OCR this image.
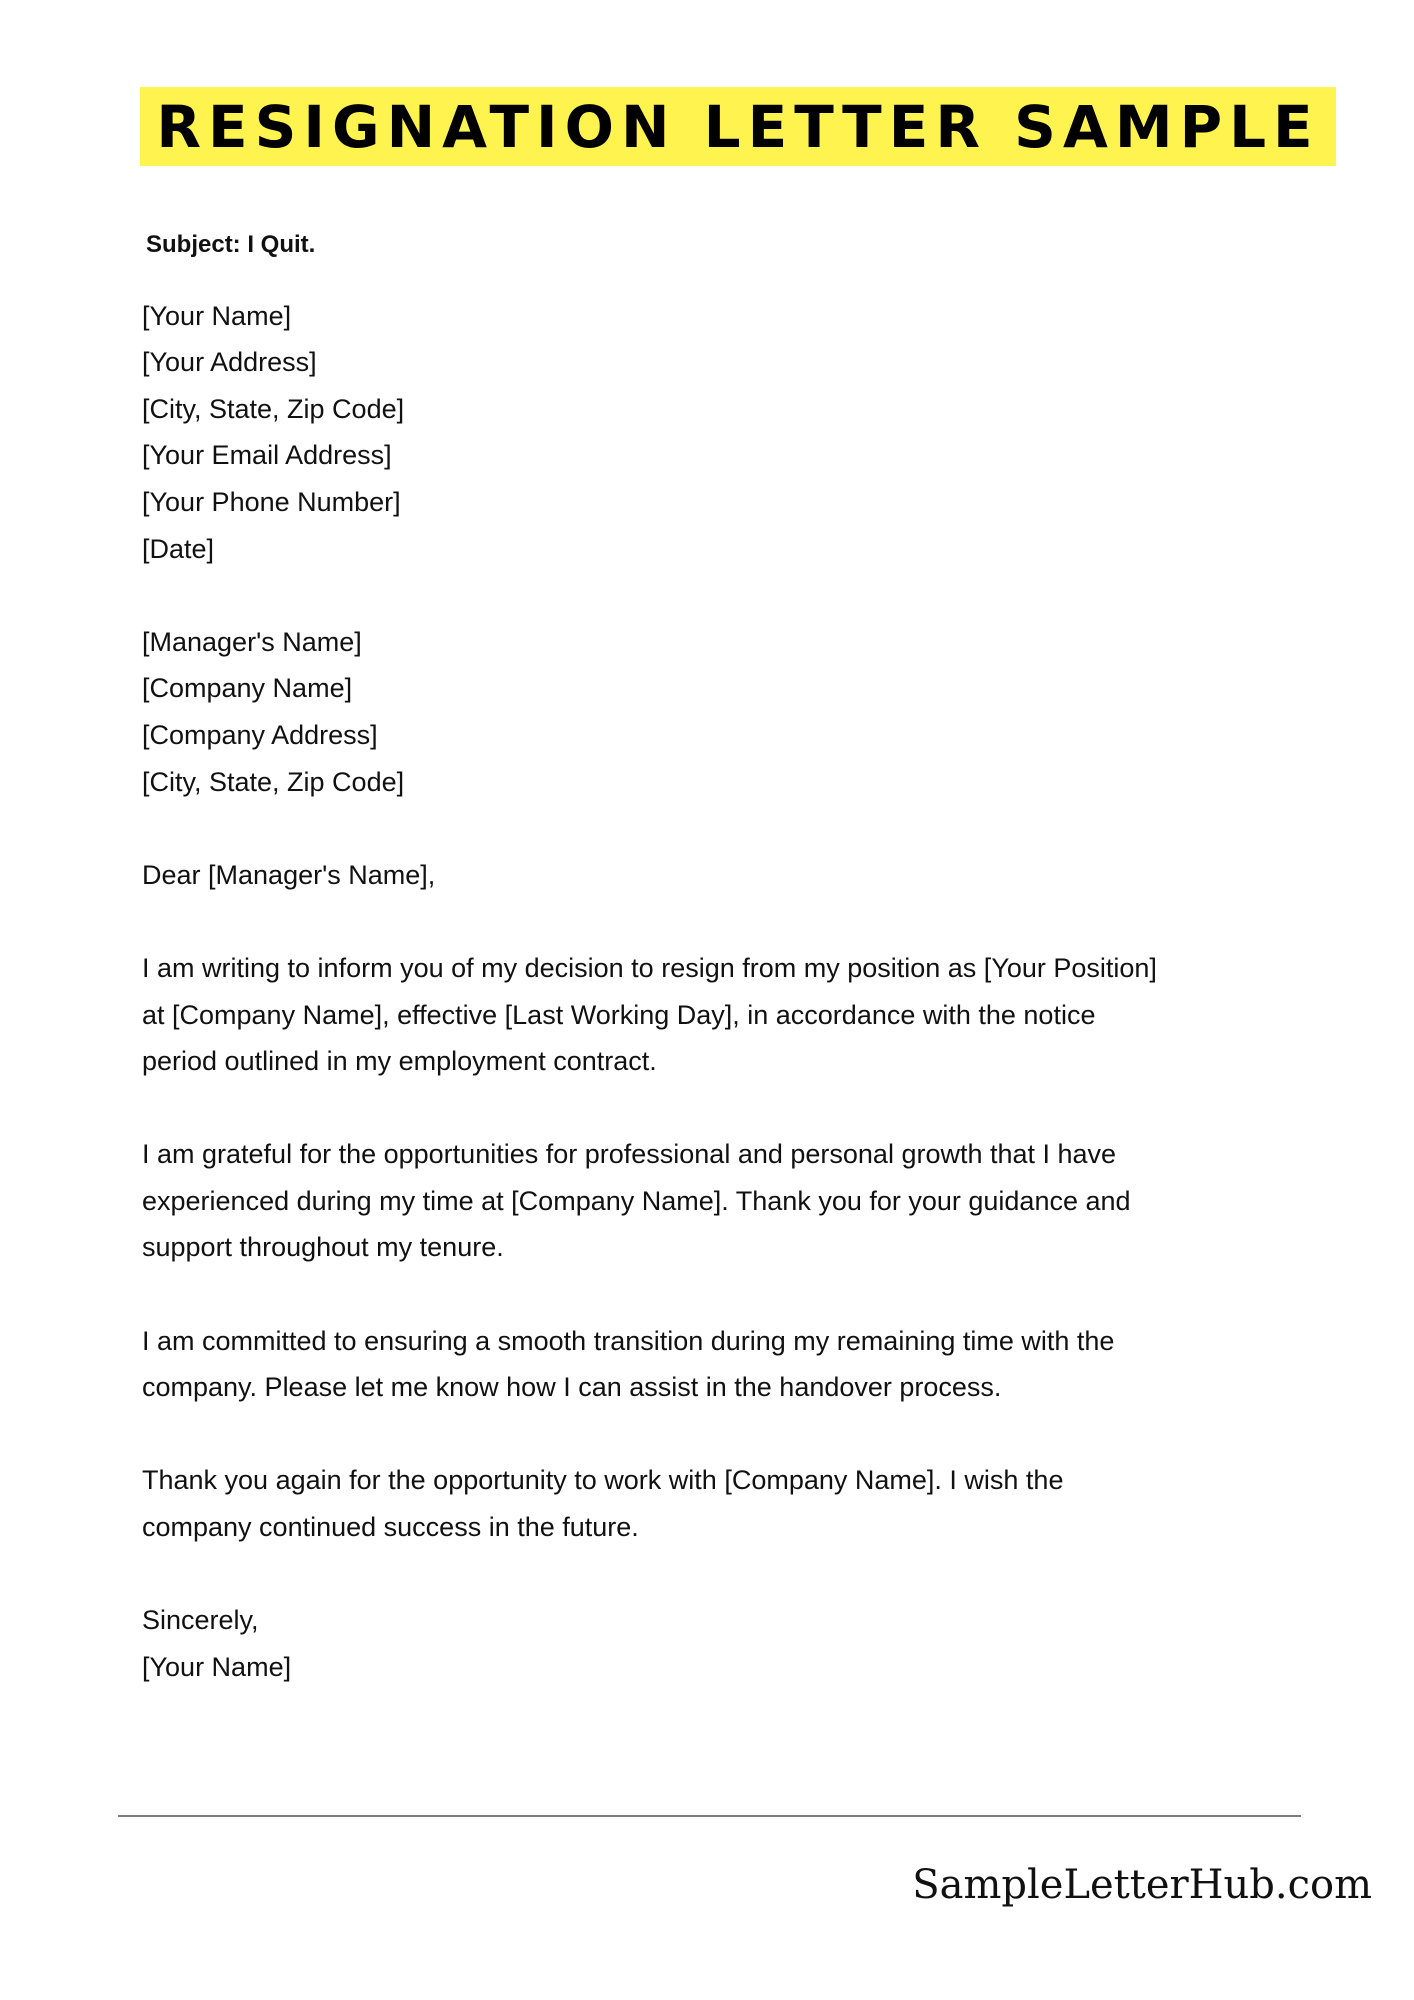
RESIGNATION LETTER SAMPLE
Subject: I Quit.
[Your Name]
[Your Address]
[City, State, Zip Code]
[Your Email Address]
[Your Phone Number]
[Date]
[Manager's Name]
[Company Name]
[Company Address]
[City, State, Zip Code]
Dear [Manager's Name],
I am writing to inform you of my decision to resign from my position as [Your Position]
at [Company Name], effective [Last Working Day], in accordance with the notice
period outlined in my employment contract.
I am grateful for the opportunities for professional and personal growth that I have
experienced during my time at [Company Name]. Thank you for your guidance and
support throughout my tenure.
I am committed to ensuring a smooth transition during my remaining time with the
company. Please let me know how I can assist in the handover process.
Thank you again for the opportunity to work with [Company Name]. I wish the
company continued success in the future.
Sincerely,
[Your Name]
SampleLetterHub.com
